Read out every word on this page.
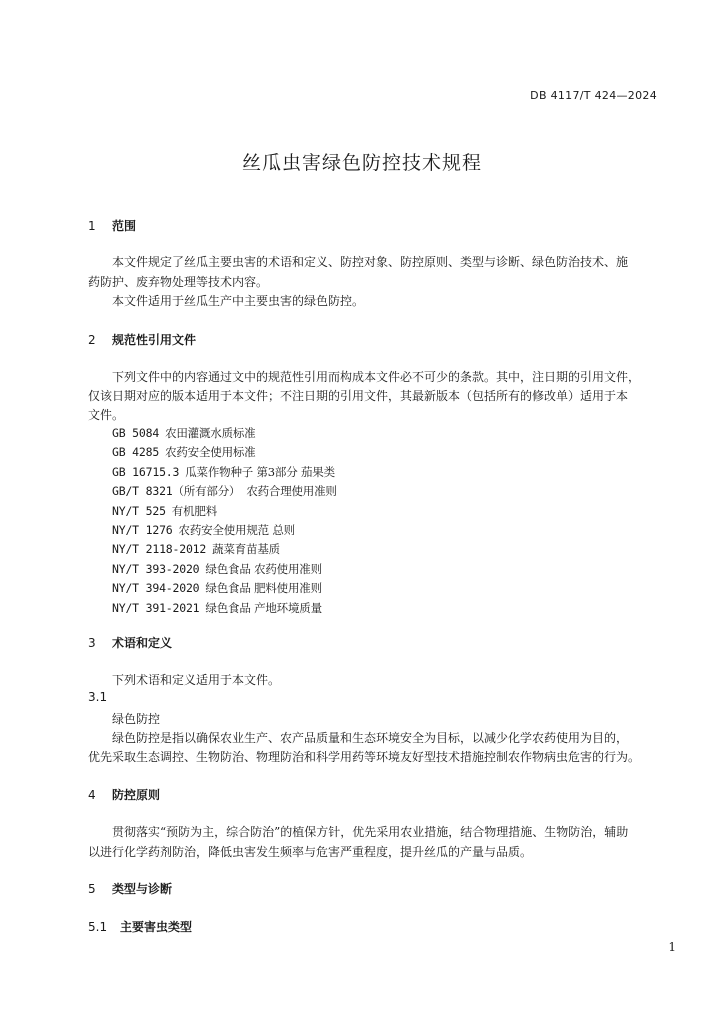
DB 4117/T 424—2024
丝瓜虫害绿色防控技术规程
1 范围
本文件规定了丝瓜主要虫害的术语和定义、防控对象、防控原则、类型与诊断、绿色防治技术、施
药防护、废弃物处理等技术内容。
本文件适用于丝瓜生产中主要虫害的绿色防控。
2 规范性引用文件
下列文件中的内容通过文中的规范性引用而构成本文件必不可少的条款。其中，注日期的引用文件，
仅该日期对应的版本适用于本文件；不注日期的引用文件，其最新版本（包括所有的修改单）适用于本
文件。
GB 5084 农田灌溉水质标准
GB 4285 农药安全使用标准
GB 16715.3 瓜菜作物种子 第3部分 茄果类
GB/T 8321（所有部分） 农药合理使用准则
NY/T 525 有机肥料
NY/T 1276 农药安全使用规范 总则
NY/T 2118-2012 蔬菜育苗基质
NY/T 393-2020 绿色食品 农药使用准则
NY/T 394-2020 绿色食品 肥料使用准则
NY/T 391-2021 绿色食品 产地环境质量
3 术语和定义
下列术语和定义适用于本文件。
3.1
绿色防控
绿色防控是指以确保农业生产、农产品质量和生态环境安全为目标，以减少化学农药使用为目的，
优先采取生态调控、生物防治、物理防治和科学用药等环境友好型技术措施控制农作物病虫危害的行为。
4 防控原则
贯彻落实“预防为主，综合防治”的植保方针，优先采用农业措施，结合物理措施、生物防治，辅助
以进行化学药剂防治，降低虫害发生频率与危害严重程度，提升丝瓜的产量与品质。
5 类型与诊断
5.1 主要害虫类型
1
